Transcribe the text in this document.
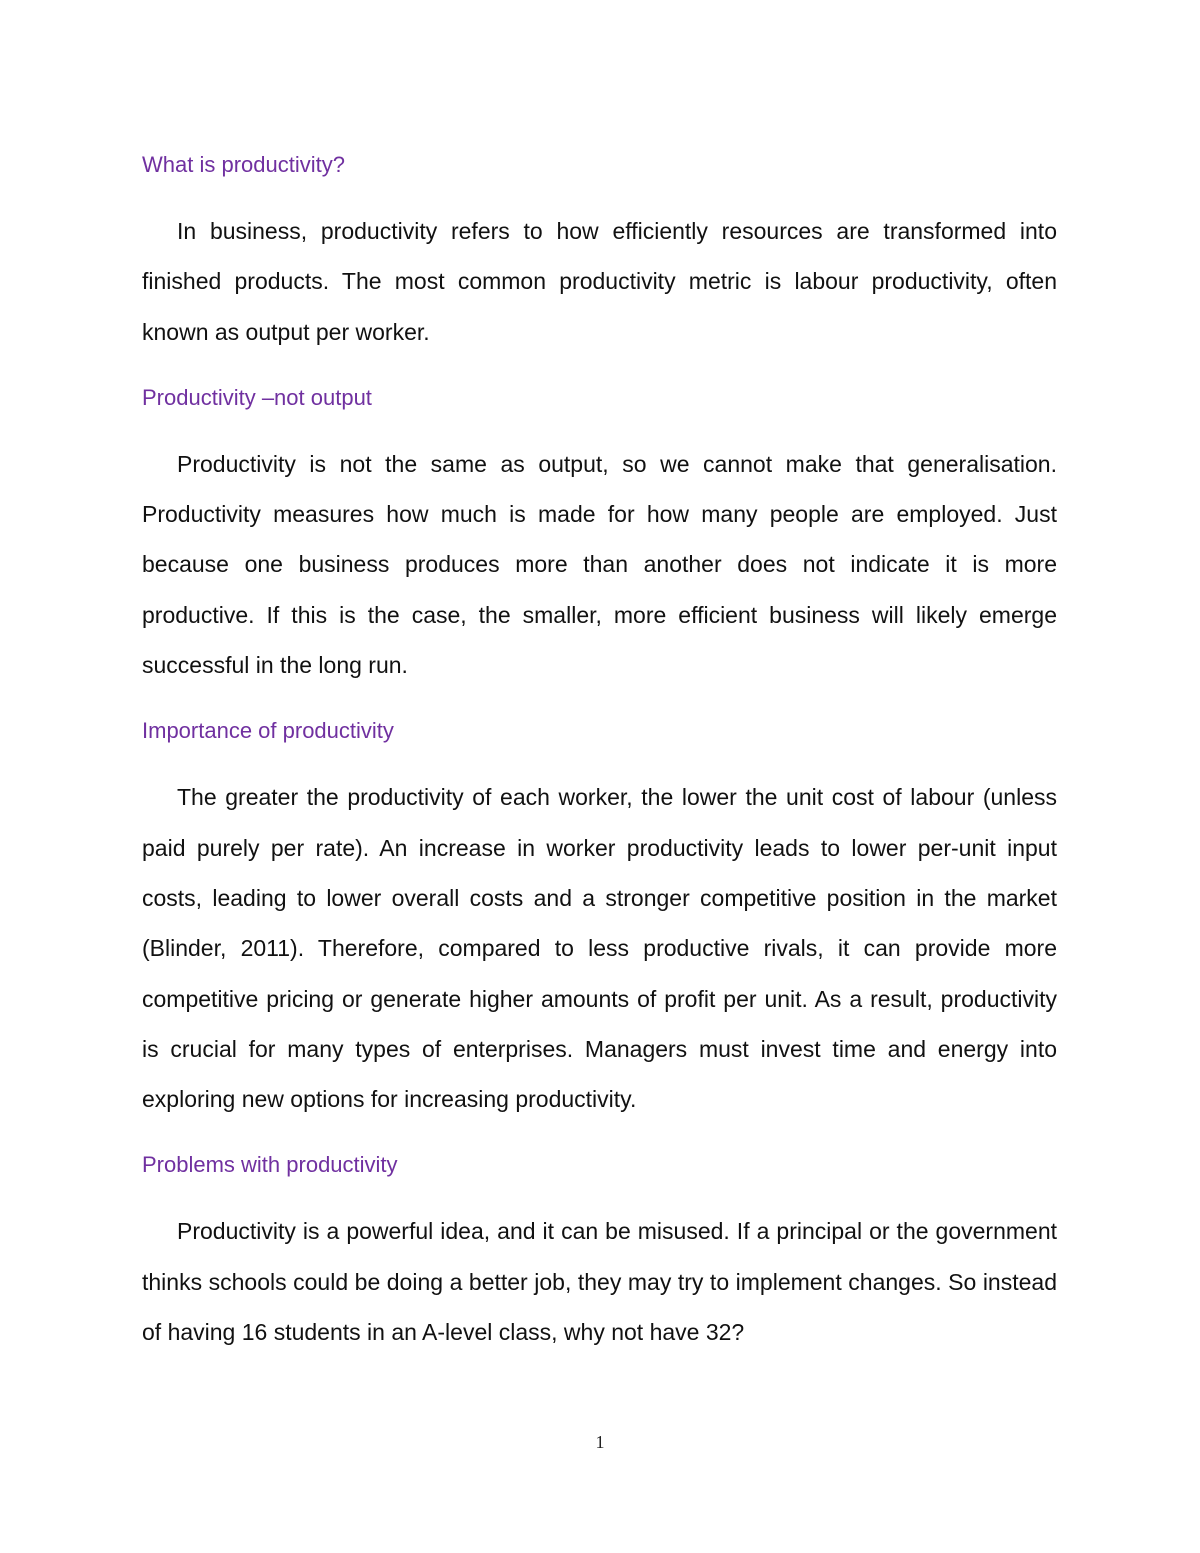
What is productivity?

In business, productivity refers to how efficiently resources are transformed into finished products. The most common productivity metric is labour productivity, often known as output per worker.

Productivity –not output

Productivity is not the same as output, so we cannot make that generalisation. Productivity measures how much is made for how many people are employed. Just because one business produces more than another does not indicate it is more productive. If this is the case, the smaller, more efficient business will likely emerge successful in the long run.

Importance of productivity

The greater the productivity of each worker, the lower the unit cost of labour (unless paid purely per rate). An increase in worker productivity leads to lower per-unit input costs, leading to lower overall costs and a stronger competitive position in the market (Blinder, 2011). Therefore, compared to less productive rivals, it can provide more competitive pricing or generate higher amounts of profit per unit. As a result, productivity is crucial for many types of enterprises. Managers must invest time and energy into exploring new options for increasing productivity.

Problems with productivity

Productivity is a powerful idea, and it can be misused. If a principal or the government thinks schools could be doing a better job, they may try to implement changes. So instead of having 16 students in an A-level class, why not have 32?

1
